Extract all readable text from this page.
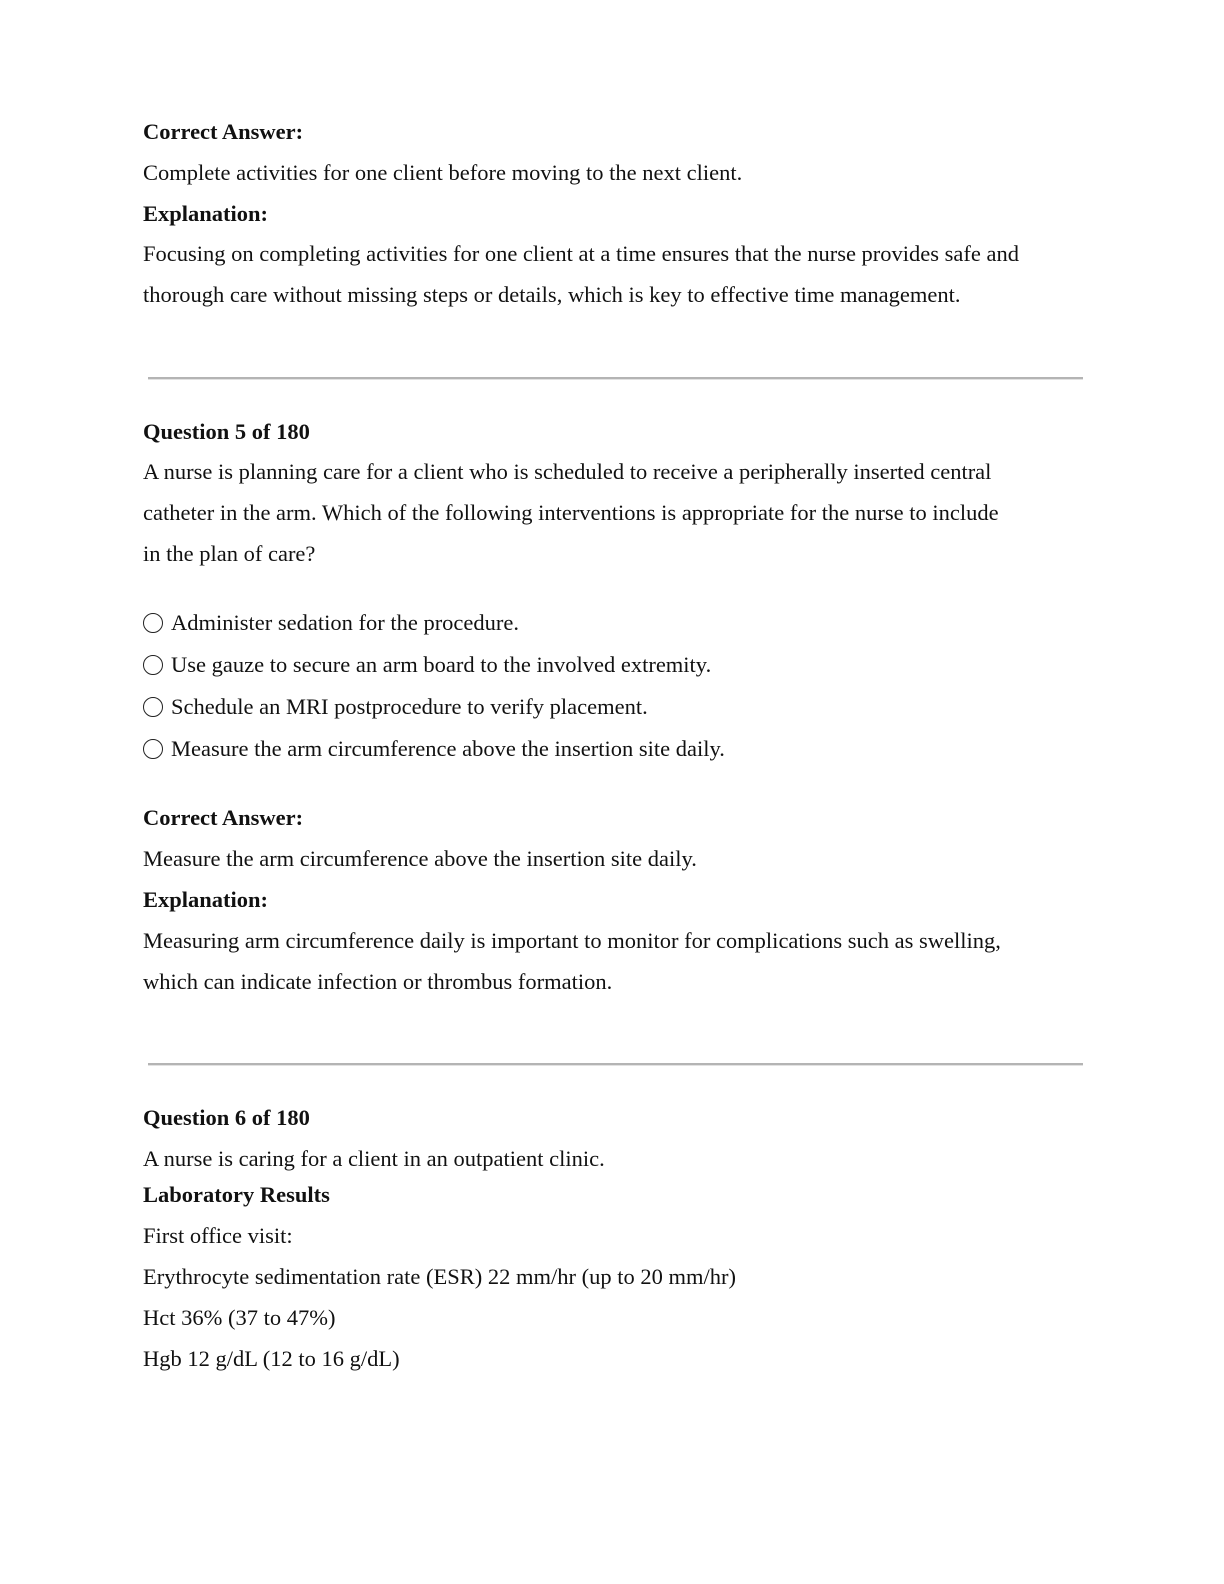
Correct Answer:
Complete activities for one client before moving to the next client.
Explanation:
Focusing on completing activities for one client at a time ensures that the nurse provides safe and
thorough care without missing steps or details, which is key to effective time management.
Question 5 of 180
A nurse is planning care for a client who is scheduled to receive a peripherally inserted central
catheter in the arm. Which of the following interventions is appropriate for the nurse to include
in the plan of care?
Administer sedation for the procedure.
Use gauze to secure an arm board to the involved extremity.
Schedule an MRI postprocedure to verify placement.
Measure the arm circumference above the insertion site daily.
Correct Answer:
Measure the arm circumference above the insertion site daily.
Explanation:
Measuring arm circumference daily is important to monitor for complications such as swelling,
which can indicate infection or thrombus formation.
Question 6 of 180
A nurse is caring for a client in an outpatient clinic.
Laboratory Results
First office visit:
Erythrocyte sedimentation rate (ESR) 22 mm/hr (up to 20 mm/hr)
Hct 36% (37 to 47%)
Hgb 12 g/dL (12 to 16 g/dL)
